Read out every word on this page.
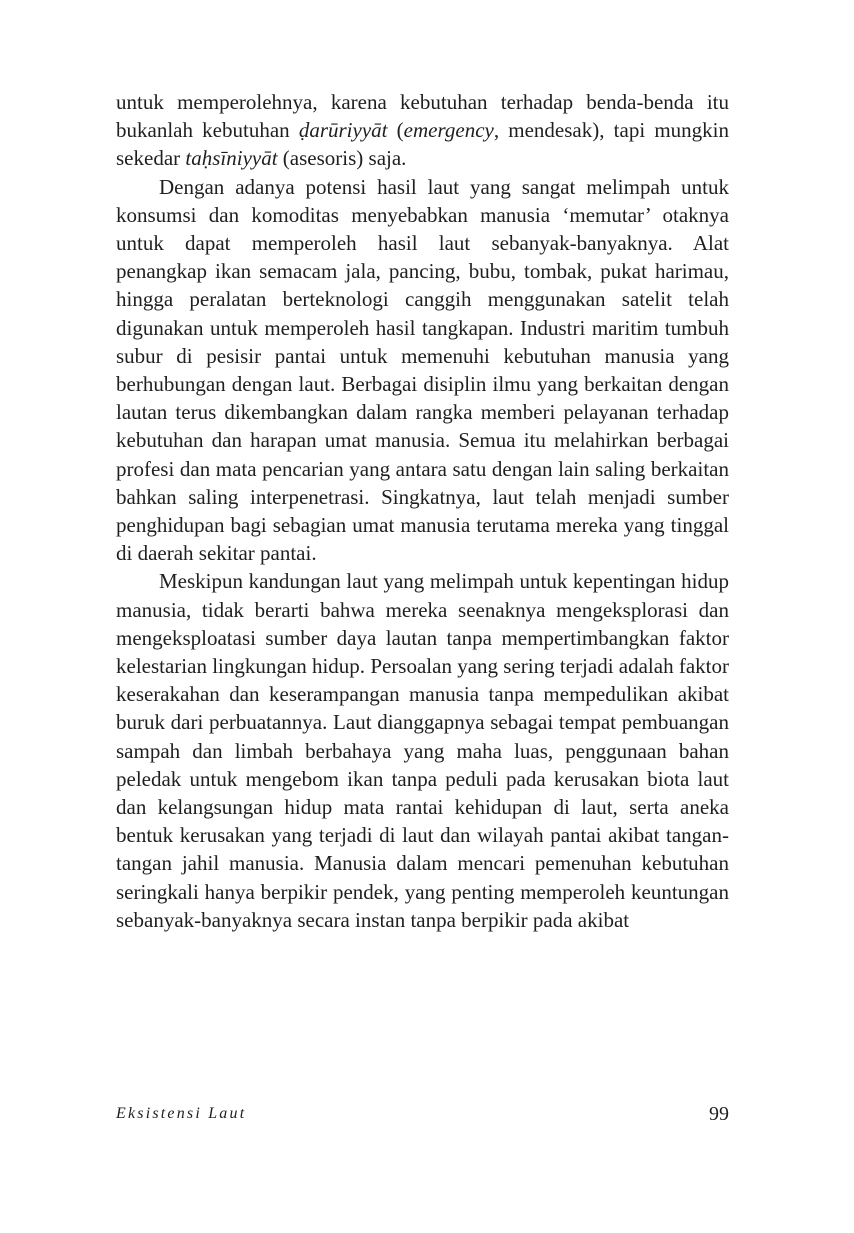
untuk memperolehnya, karena kebutuhan terhadap benda-benda itu bukanlah kebutuhan ḍarūriyyāt (emergency, mendesak), tapi mungkin sekedar taḥsīniyyāt (asesoris) saja.

Dengan adanya potensi hasil laut yang sangat melimpah untuk konsumsi dan komoditas menyebabkan manusia ‘memutar’ otaknya untuk dapat memperoleh hasil laut sebanyak-banyaknya. Alat penangkap ikan semacam jala, pancing, bubu, tombak, pukat harimau, hingga peralatan berteknologi canggih menggunakan satelit telah digunakan untuk memperoleh hasil tangkapan. Industri maritim tumbuh subur di pesisir pantai untuk memenuhi kebutuhan manusia yang berhubungan dengan laut. Berbagai disiplin ilmu yang berkaitan dengan lautan terus dikembangkan dalam rangka memberi pelayanan terhadap kebutuhan dan harapan umat manusia. Semua itu melahirkan berbagai profesi dan mata pencarian yang antara satu dengan lain saling berkaitan bahkan saling interpenetrasi. Singkatnya, laut telah menjadi sumber penghidupan bagi sebagian umat manusia terutama mereka yang tinggal di daerah sekitar pantai.

Meskipun kandungan laut yang melimpah untuk kepentingan hidup manusia, tidak berarti bahwa mereka seenaknya mengeksplorasi dan mengeksploatasi sumber daya lautan tanpa mempertimbangkan faktor kelestarian lingkungan hidup. Persoalan yang sering terjadi adalah faktor keserakahan dan keserampangan manusia tanpa mempedulikan akibat buruk dari perbuatannya. Laut dianggapnya sebagai tempat pembuangan sampah dan limbah berbahaya yang maha luas, penggunaan bahan peledak untuk mengebom ikan tanpa peduli pada kerusakan biota laut dan kelangsungan hidup mata rantai kehidupan di laut, serta aneka bentuk kerusakan yang terjadi di laut dan wilayah pantai akibat tangan-tangan jahil manusia. Manusia dalam mencari pemenuhan kebutuhan seringkali hanya berpikir pendek, yang penting memperoleh keuntungan sebanyak-banyaknya secara instan tanpa berpikir pada akibat

Eksistensi Laut	99
